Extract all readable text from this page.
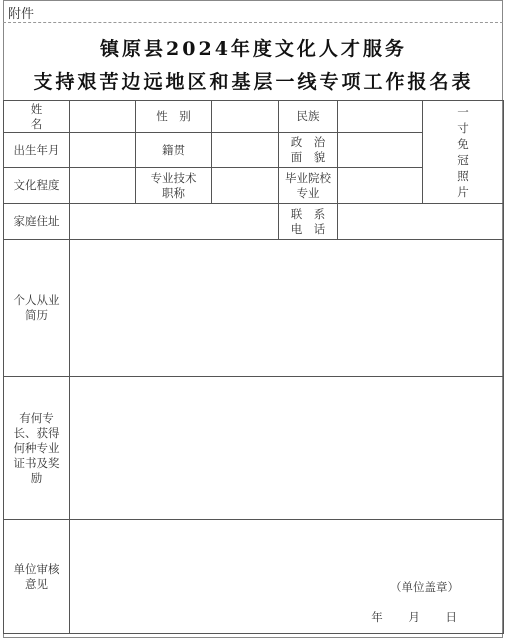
附件
镇原县2024年度文化人才服务
支持艰苦边远地区和基层一线专项工作报名表
姓　名		性　别		民族		一寸免冠照片
出生年月		籍贯		政　治　面　貌		
文化程度		专业技术职称		毕业院校专业		
家庭住址				联　系　电　话		
个人从业简历						
有何专长、获得何种专业证书及奖励						
单位审核意见	（单位盖章）
年 月 日					
